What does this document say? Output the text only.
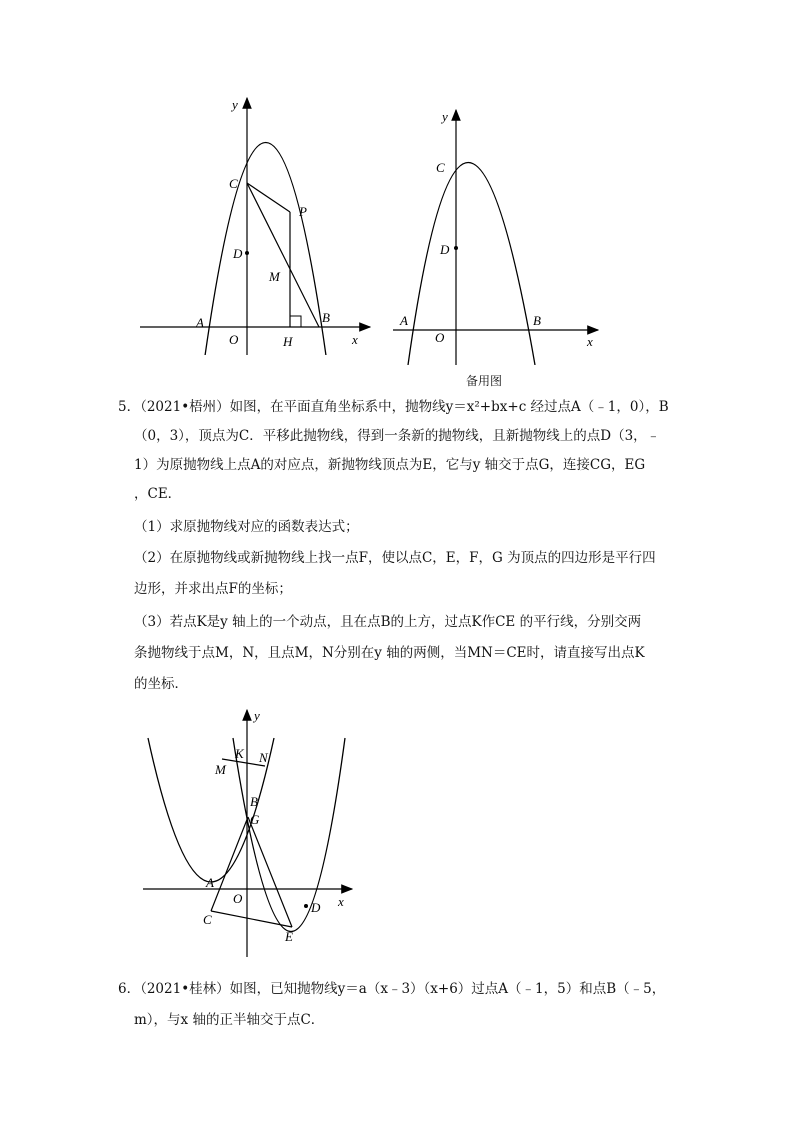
y
x
C
P
D
M
A	B
O	H
y
x
C
D
A	B
O
备用图
5．（2021•梧州）如图，在平面直角坐标系中，抛物线y＝x²+bx+c 经过点A（﹣1，0），B
（0，3），顶点为C．平移此抛物线，得到一条新的抛物线，且新抛物线上的点D（3，﹣
1）为原抛物线上点A的对应点，新抛物线顶点为E，它与y 轴交于点G，连接CG，EG
，CE．
（1）求原抛物线对应的函数表达式；
（2）在原抛物线或新抛物线上找一点F，使以点C，E，F，G 为顶点的四边形是平行四
边形，并求出点F的坐标；
（3）若点K是y 轴上的一个动点，且在点B的上方，过点K作CE 的平行线，分别交两
条抛物线于点M，N，且点M，N分别在y 轴的两侧，当MN＝CE时，请直接写出点K
的坐标．
y
x
K N
M
B
G
A
O
C
E
D
6．（2021•桂林）如图，已知抛物线y＝a（x﹣3）（x+6）过点A（﹣1，5）和点B（﹣5，
m），与x 轴的正半轴交于点C．
